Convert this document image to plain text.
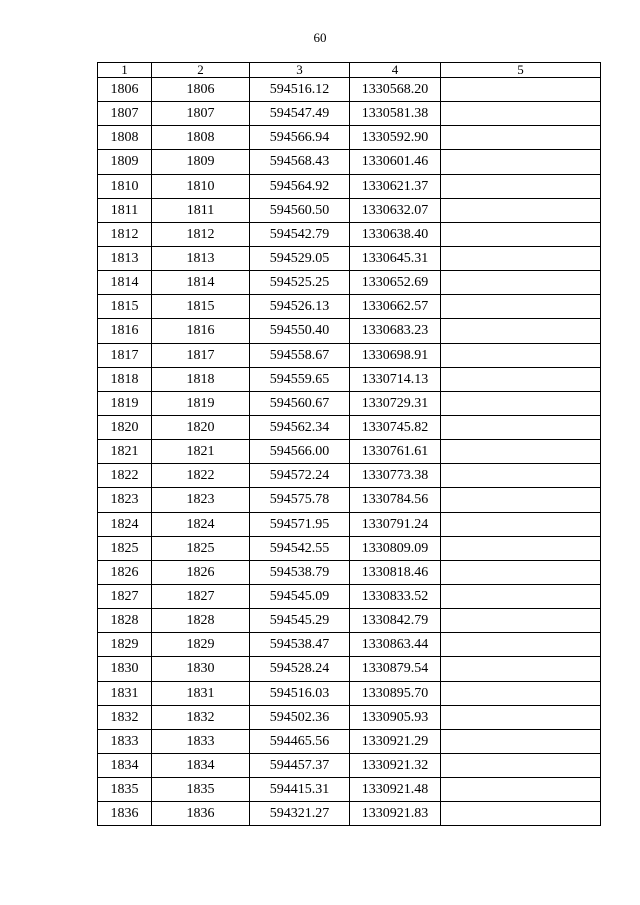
60
1	2	3	4	5
1806	1806	594516.12	1330568.20	
1807	1807	594547.49	1330581.38	
1808	1808	594566.94	1330592.90	
1809	1809	594568.43	1330601.46	
1810	1810	594564.92	1330621.37	
1811	1811	594560.50	1330632.07	
1812	1812	594542.79	1330638.40	
1813	1813	594529.05	1330645.31	
1814	1814	594525.25	1330652.69	
1815	1815	594526.13	1330662.57	
1816	1816	594550.40	1330683.23	
1817	1817	594558.67	1330698.91	
1818	1818	594559.65	1330714.13	
1819	1819	594560.67	1330729.31	
1820	1820	594562.34	1330745.82	
1821	1821	594566.00	1330761.61	
1822	1822	594572.24	1330773.38	
1823	1823	594575.78	1330784.56	
1824	1824	594571.95	1330791.24	
1825	1825	594542.55	1330809.09	
1826	1826	594538.79	1330818.46	
1827	1827	594545.09	1330833.52	
1828	1828	594545.29	1330842.79	
1829	1829	594538.47	1330863.44	
1830	1830	594528.24	1330879.54	
1831	1831	594516.03	1330895.70	
1832	1832	594502.36	1330905.93	
1833	1833	594465.56	1330921.29	
1834	1834	594457.37	1330921.32	
1835	1835	594415.31	1330921.48	
1836	1836	594321.27	1330921.83	
